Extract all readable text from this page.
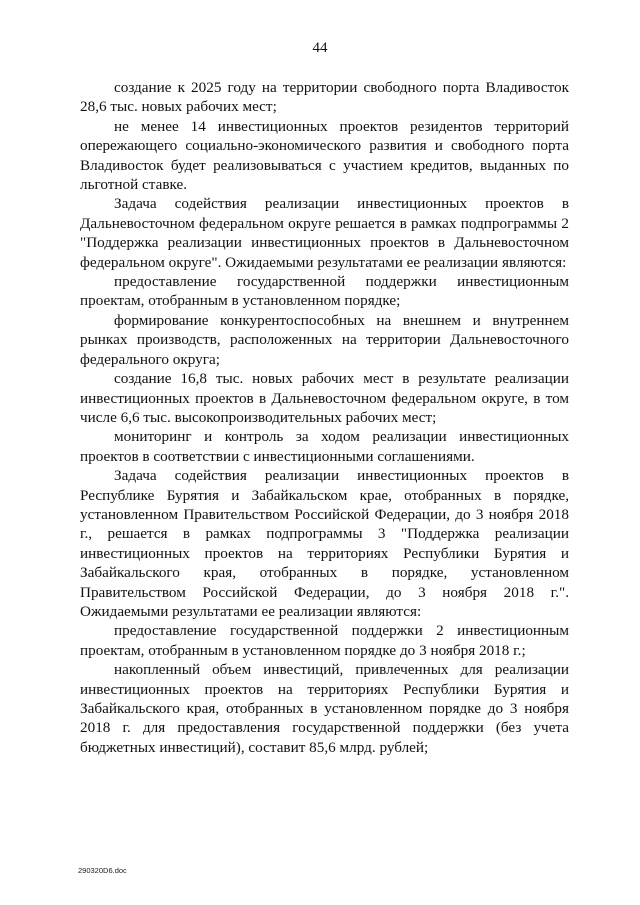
44

создание к 2025 году на территории свободного порта Владивосток 28,6 тыс. новых рабочих мест;

не менее 14 инвестиционных проектов резидентов территорий опережающего социально-экономического развития и свободного порта Владивосток будет реализовываться с участием кредитов, выданных по льготной ставке.

Задача содействия реализации инвестиционных проектов в Дальневосточном федеральном округе решается в рамках подпрограммы 2 "Поддержка реализации инвестиционных проектов в Дальневосточном федеральном округе". Ожидаемыми результатами ее реализации являются:

предоставление государственной поддержки инвестиционным проектам, отобранным в установленном порядке;

формирование конкурентоспособных на внешнем и внутреннем рынках производств, расположенных на территории Дальневосточного федерального округа;

создание 16,8 тыс. новых рабочих мест в результате реализации инвестиционных проектов в Дальневосточном федеральном округе, в том числе 6,6 тыс. высокопроизводительных рабочих мест;

мониторинг и контроль за ходом реализации инвестиционных проектов в соответствии с инвестиционными соглашениями.

Задача содействия реализации инвестиционных проектов в Республике Бурятия и Забайкальском крае, отобранных в порядке, установленном Правительством Российской Федерации, до 3 ноября 2018 г., решается в рамках подпрограммы 3 "Поддержка реализации инвестиционных проектов на территориях Республики Бурятия и Забайкальского края, отобранных в порядке, установленном Правительством Российской Федерации, до 3 ноября 2018 г.". Ожидаемыми результатами ее реализации являются:

предоставление государственной поддержки 2 инвестиционным проектам, отобранным в установленном порядке до 3 ноября 2018 г.;

накопленный объем инвестиций, привлеченных для реализации инвестиционных проектов на территориях Республики Бурятия и Забайкальского края, отобранных в установленном порядке до 3 ноября 2018 г. для предоставления государственной поддержки (без учета бюджетных инвестиций), составит 85,6 млрд. рублей;

290320D6.doc
